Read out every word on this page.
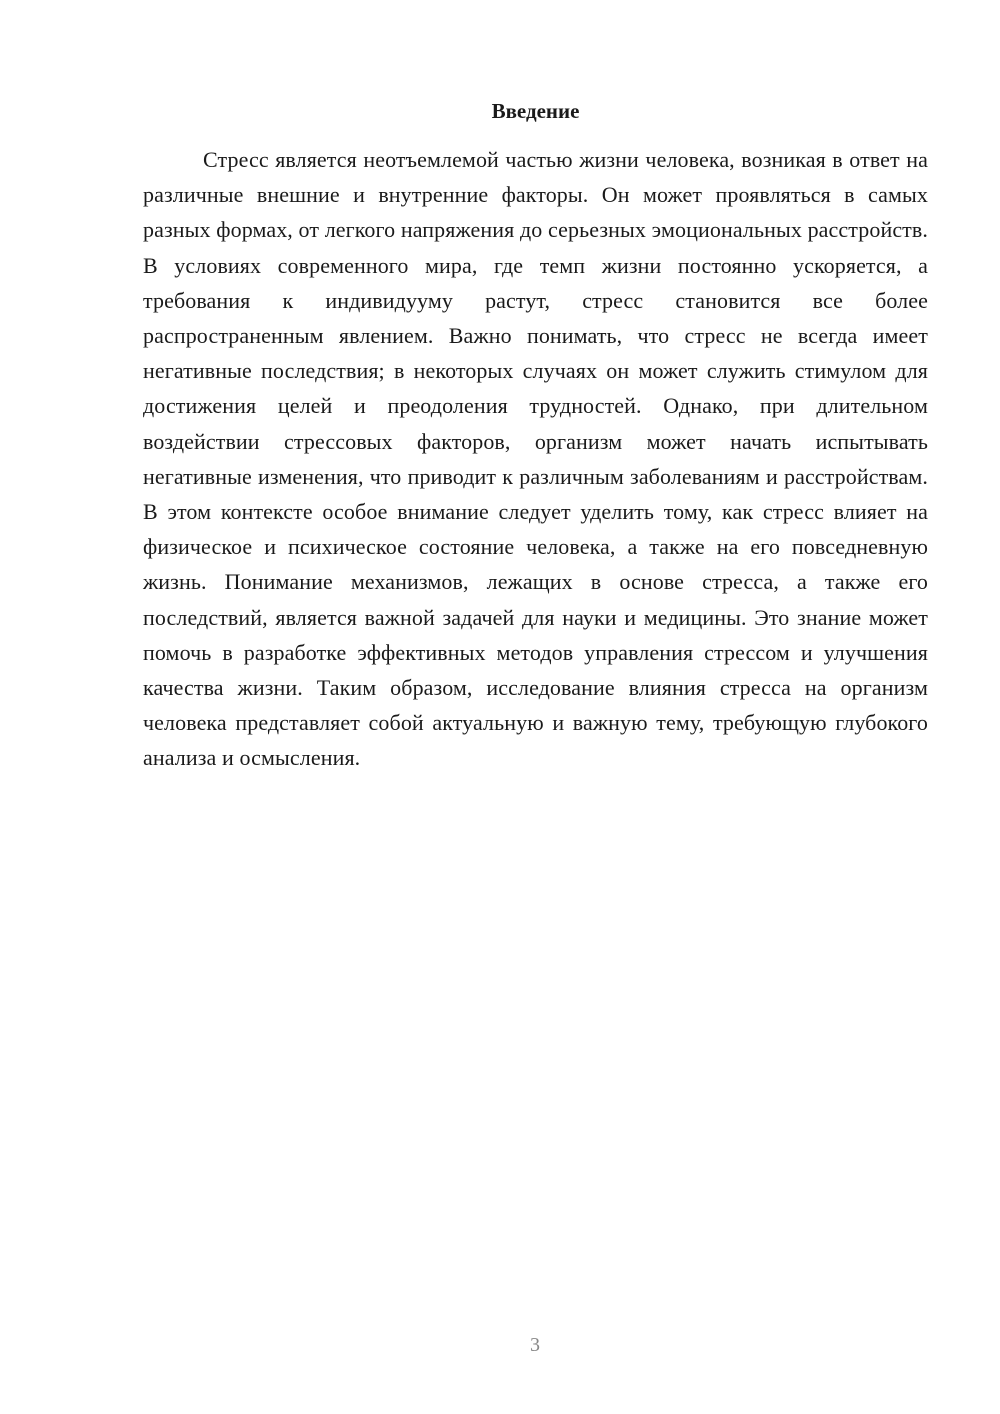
Введение

Стресс является неотъемлемой частью жизни человека, возникая в ответ на различные внешние и внутренние факторы. Он может проявляться в самых разных формах, от легкого напряжения до серьезных эмоциональных расстройств. В условиях современного мира, где темп жизни постоянно ускоряется, а требования к индивидууму растут, стресс становится все более распространенным явлением. Важно понимать, что стресс не всегда имеет негативные последствия; в некоторых случаях он может служить стимулом для достижения целей и преодоления трудностей. Однако, при длительном воздействии стрессовых факторов, организм может начать испытывать негативные изменения, что приводит к различным заболеваниям и расстройствам. В этом контексте особое внимание следует уделить тому, как стресс влияет на физическое и психическое состояние человека, а также на его повседневную жизнь. Понимание механизмов, лежащих в основе стресса, а также его последствий, является важной задачей для науки и медицины. Это знание может помочь в разработке эффективных методов управления стрессом и улучшения качества жизни. Таким образом, исследование влияния стресса на организм человека представляет собой актуальную и важную тему, требующую глубокого анализа и осмысления.

3
